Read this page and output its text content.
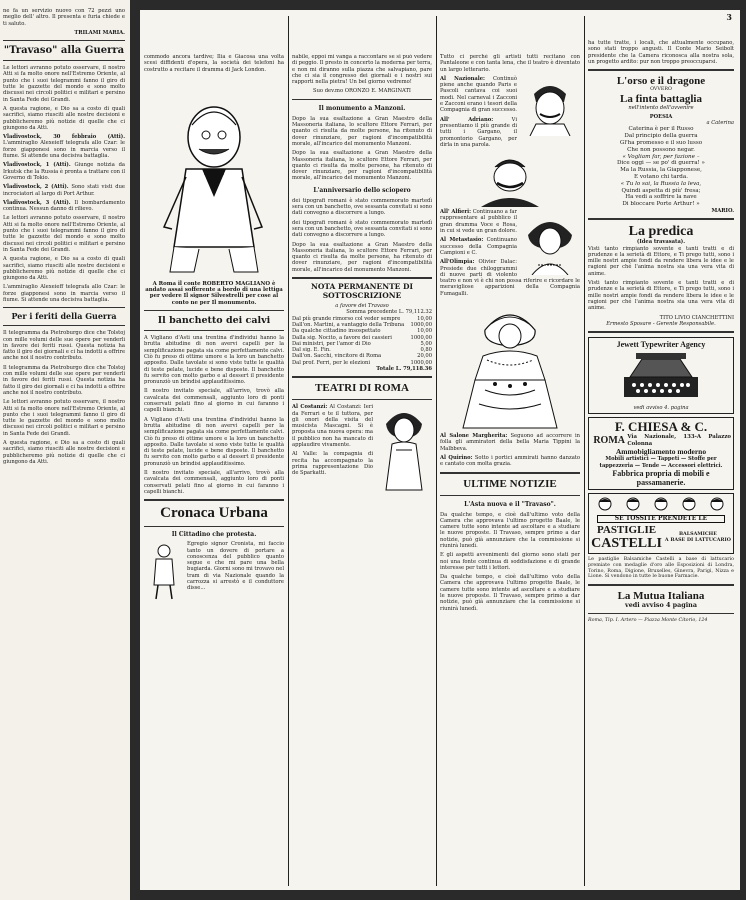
ne fa un servizio nuovo con 72 pezzi uno meglio dell' altro. Il presenta e furia chiede e ti saluto.

TRILAMI MARIA.

"Travaso" alla Guerra

Le lettori avranno potuto osservare, il nostro Atti si fa molto onore nell'Estremo Oriente, al punto che i suoi telegrammi fanno il giro di tutte le gazzette del mondo e sono molto discussi nei circoli politici e militari e persino in Santa Fede dei Grandi.

A questa ragione, e Dio sa a costo di quali sacrifici, siamo riusciti alle nostre decisioni e pubblicheremo più notizie di quelle che ci giungono da Atti.

Vladivostock, 30 febbraio (Atti). L'ammiraglio Alexeieff telegrafa allo Czar: le forze giapponesi sono in marcia verso il fiume. Si attende una decisiva battaglia.

Vladivostock, 1 (Atti). Giunge notizia da Irkutsk che la Russia è pronta a trattare con il Governo di Tokio.

Vladivostock, 2 (Atti). Sono stati visti due incrociatori al largo di Port Arthur.

Vladivostock, 3 (Atti). Il bombardamento continua. Nessun danno di rilievo.

Le lettori avranno potuto osservare, il nostro Atti si fa molto onore nell'Estremo Oriente, al punto che i suoi telegrammi fanno il giro di tutte le gazzette del mondo e sono molto discussi nei circoli politici e militari e persino in Santa Fede dei Grandi.

A questa ragione, e Dio sa a costo di quali sacrifici, siamo riusciti alle nostre decisioni e pubblicheremo più notizie di quelle che ci giungono da Atti.

L'ammiraglio Alexeieff telegrafa allo Czar: le forze giapponesi sono in marcia verso il fiume. Si attende una decisiva battaglia.

Per i feriti della Guerra

Il telegramma da Pietroburgo dice che Tolstoj con mille volumi delle sue opere per venderli in favore dei feriti russi. Questa notizia ha fatto il giro dei giornali e ci ha indotti a offrire anche noi il nostro contributo.

Il telegramma da Pietroburgo dice che Tolstoj con mille volumi delle sue opere per venderli in favore dei feriti russi. Questa notizia ha fatto il giro dei giornali e ci ha indotti a offrire anche noi il nostro contributo.

Le lettori avranno potuto osservare, il nostro Atti si fa molto onore nell'Estremo Oriente, al punto che i suoi telegrammi fanno il giro di tutte le gazzette del mondo e sono molto discussi nei circoli politici e militari e persino in Santa Fede dei Grandi.

A questa ragione, e Dio sa a costo di quali sacrifici, siamo riusciti alle nostre decisioni e pubblicheremo più notizie di quelle che ci giungono da Atti.

3

commodo ancora tardive; Ilia e Giacosa una volta scesi diffidenti d'opera, la società dei telefoni ha costrutto a recitare il dramma di Jack London.

A Roma il conte ROBERTO MAGLIANO è andato assai sofferente a bordo di una lettiga per vedere Il signor Silvestrelli per cose al conto ne per Il monumento.
Il banchetto dei calvi

A Vigliano d'Asti una trentina d'individui hanno la brutta abitudine di non avervi capelli per la semplificazione pagata sia come perfettamente calvi. Ciò fu preso di ottime umore e la loro un banchetto apposito. Dalle tavolate si sono viste tutte le qualità di teste pelate, lucide e bene disposte. Il banchetto fu servito con molto garbo e al dessert il presidente pronunziò un brindisi applauditissimo.

Il nostro invitato speciale, all'arrivo, trovò alla cavalcata dei commensali, aggiunto loro di ponti conservati pelati fino al giorno in cui faranno i capelli bianchi.

A Vigliano d'Asti una trentina d'individui hanno la brutta abitudine di non avervi capelli per la semplificazione pagata sia come perfettamente calvi. Ciò fu preso di ottime umore e la loro un banchetto apposito. Dalle tavolate si sono viste tutte le qualità di teste pelate, lucide e bene disposte. Il banchetto fu servito con molto garbo e al dessert il presidente pronunziò un brindisi applauditissimo.

Il nostro invitato speciale, all'arrivo, trovò alla cavalcata dei commensali, aggiunto loro di ponti conservati pelati fino al giorno in cui faranno i capelli bianchi.

Cronaca Urbana
Il Cittadino che protesta.

Egregio signor Cronista, mi faccio tanto un dovere di portare a conoscenza del pubblico quanto segue e che mi pare una bella bugiarda. Giorni sono mi trovavo nel tram di via Nazionale quando la carrozza si arrestò e il conduttore disse...

nabile, eppoi mi vanga a raccontare se si può vedere di peggio. Il presto in concerto la moderna per terra, e non mi diranno sulla piazza che salvapiano, pare che ci sia il congresso dei giornali e i nostri sui rapporti nella pietra! Un bel giorno vedremo!

Suo dev.mo ORONZO E. MARGINATI

Il monumento a Manzoni.

Dopo la sua esaltazione a Gran Maestro della Massoneria italiana, lo scultore Ettore Ferrari, per quanto ci risulta da molte persone, ha ritenuto di dover rinunziare, per ragioni d'incompatibilità morale, all'incarico del monumento Manzoni.

Dopo la sua esaltazione a Gran Maestro della Massoneria italiana, lo scultore Ettore Ferrari, per quanto ci risulta da molte persone, ha ritenuto di dover rinunziare, per ragioni d'incompatibilità morale, all'incarico del monumento Manzoni.

L'anniversario dello sciopero

dei tipografi romani è stato commemorato martedì sera con un banchetto, ove sessanta convitati si sono dati convegno a discorrere a lungo.

dei tipografi romani è stato commemorato martedì sera con un banchetto, ove sessanta convitati si sono dati convegno a discorrere a lungo.

Dopo la sua esaltazione a Gran Maestro della Massoneria italiana, lo scultore Ettore Ferrari, per quanto ci risulta da molte persone, ha ritenuto di dover rinunziare, per ragioni d'incompatibilità morale, all'incarico del monumento Manzoni.

NOTA PERMANENTE DI SOTTOSCRIZIONE
a favore dei Travaso
Somma precedente L. 79,112.32
Dal più grande rimorso col veder sempre	10,00
Dall'on. Martini, a vantaggio della Tribuna 1000,00
Da qualche cittadino insospettato	10,00
Dalla sig. Nocito, a favore dei cassieri	1000,00
Dai ministri, per l'amor di Dio	5,00
Dal sig. E. Fin.	0,80
Dall'on. Sacchi, vincitore di Roma	20,00
Dal prof. Ferri, per le elezioni	1000,00
Totale L. 79,118.36
TEATRI DI ROMA

Al Costanzi: Al Costanzi: Ieri da Ferrari e te il tuttora, per gli onori della visita del musicista Mascagni. Si è proposta una nuova opera: ma il pubblico non ha mancato di applaudire vivamente.

Al Valle: la compagnia di recita ha accompagnato la prima rappresentazione Dio de Sparkatti.

Tutto ci perchè gli artisti tutti recitano con Pantaleone e con tanta lena, che il teatro è diventato un largo letterario.

Al Nazionale: Continuò piene anche quando Paris e Pascoli cantava coi suoi modi. Nel carneval i Zacconi e Zacconi erano i tesori della Compagnia di gran successo.

All' Adriano:	Vi presentiamo il più grande di tutti i Gargano, il promontorio Gargano, per dirla in una parola.

All' Alfieri: Continuano a far rappresentare al pubblico il gran dramma Voce e Rosa, in cui si vede un gran dolore.

Al Metastasio: Continuano successo della Compagnia Campioni e C.

All'Olimpia: Olivier Dalac: Presiede due chiloggrammi di nuove parti di violento teatro e non vi è chi non possa riferire e ricordare le meravigliose apparizioni della Compagnia Fumagalli.

Al Salone Margherita: Seguono ad accorrere in folla gli ammiratori della bella Maria Tippini la Malbbeva.

Al Quirino: Sotto i portici ammirati hanno danzato e cantato con molta grazia.

ULTIME NOTIZIE
L'Asta nuova e il "Travaso".

Da qualche tempo, e cioè dall'ultimo voto della Camera che approvava l'ultimo progetto Baale, le camere tutte sono intente ad ascoltare e a studiare le nuove proposte. Il Travaso, sempre primo a dar notizie, può già annunziare che la commissione si riunirà lunedì.

E gli aspetti avvenimenti del giorno sono stati per noi una fonte continua di soddisfazione e di grande interesse per tutti i lettori.

Da qualche tempo, e cioè dall'ultimo voto della Camera che approvava l'ultimo progetto Baale, le camere tutte sono intente ad ascoltare e a studiare le nuove proposte. Il Travaso, sempre primo a dar notizie, può già annunziare che la commissione si riunirà lunedì.

ha tutte tratte, i locali, che attualmente occupano, sono stati troppo angusti. Il Conte Mario Seibolt presidente che la Camera riconosca alla nostra sola, un progetto ardito: pur non troppo preoccuparsi.

L'orso e il dragone
OVVERO
La finta battaglia
nell'intento dell'avvenire
POESIA
a Caterina
Caterina è per il Russo
Dal principio della guerra
Gl'ha promesso e il suo lusso
Che non possono negar.
« Vogliam far, per fazione –
Dice oggi — se po' di guerra! »
Ma la Russia, la Giapponese,
E votano chi tarda.
« Tu lo sai, la Russia la leva,
Quindi aspetta di più' fresa;
Ha vedi a soffrire la nave
Di bloccare Porte Arthur! »
MARIO.
La predica
(Idea travasata).

Visti tanto rimpianto sovente e tanti tratti e di prudenze e la serietà di Ettore, e Ti prego tutti, sono i mille nostri ampie fondi da rendere libera le idee e le ragioni per ché l'anima nostra sia una vera vita di anime.

Visti tanto rimpianto sovente e tanti tratti e di prudenze e la serietà di Ettore, e Ti prego tutti, sono i mille nostri ampie fondi da rendere libera le idee e le ragioni per ché l'anima nostra sia una vera vita di anime.

TITO LIVIO CIANCHETTINI
Ermesto Sposare - Gerente Responsabile.
Jewett Typewriter Agency
vedi avviso 4. pagina
F. CHIESA & C.
ROMA Via Nazionale, 133-A Palazzo Colonna
Ammobigliamento moderno
Mobili artistici — Tappeti — Stoffe per tappezzeria — Tende — Accessori elettrici.
Fabbrica propria di mobili e passamanerie.
SE TOSSITE PRENDETE LE
PASTIGLIE
CASTELLI
BALSAMICHE
A BASE DI LATTUCARIO

Le pastiglie Balsamiche Castelli a base di lattucario premiate con medaglie d'oro alle Esposizioni di Londra, Torino, Roma, Digione, Bruxelles, Ginevra, Parigi, Nizza e Lione. Si vendono in tutte le buone Farmacie.

La Mutua Italiana
vedi avviso 4 pagina
Roma, Tip. I. Artero — Piazza Monte Citorio, 124
